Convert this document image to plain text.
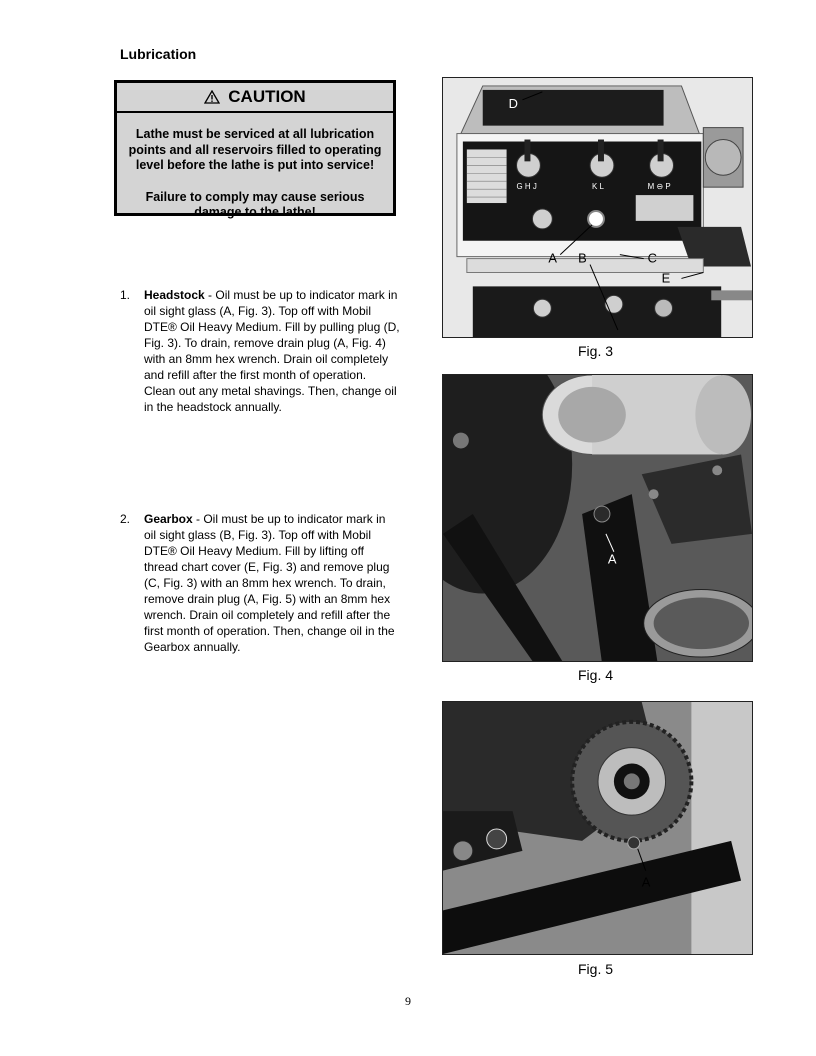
Lubrication
CAUTION
Lathe must be serviced at all lubrication points and all reservoirs filled to operating level before the lathe is put into service!
Failure to comply may cause serious damage to the lathe!
1. Headstock - Oil must be up to indicator mark in oil sight glass (A, Fig. 3). Top off with Mobil DTE® Oil Heavy Medium. Fill by pulling plug (D, Fig. 3). To drain, remove drain plug (A, Fig. 4) with an 8mm hex wrench. Drain oil completely and refill after the first month of operation. Clean out any metal shavings. Then, change oil in the headstock annually.
2. Gearbox - Oil must be up to indicator mark in oil sight glass (B, Fig. 3). Top off with Mobil DTE® Oil Heavy Medium. Fill by lifting off thread chart cover (E, Fig. 3) and remove plug (C, Fig. 3) with an 8mm hex wrench. To drain, remove drain plug (A, Fig. 5) with an 8mm hex wrench. Drain oil completely and refill after the first month of operation. Then, change oil in the Gearbox annually.
D
A B	C
E
G H J	K L	M ⊖ P
Fig. 3
A
Fig. 4
A
Fig. 5
9
